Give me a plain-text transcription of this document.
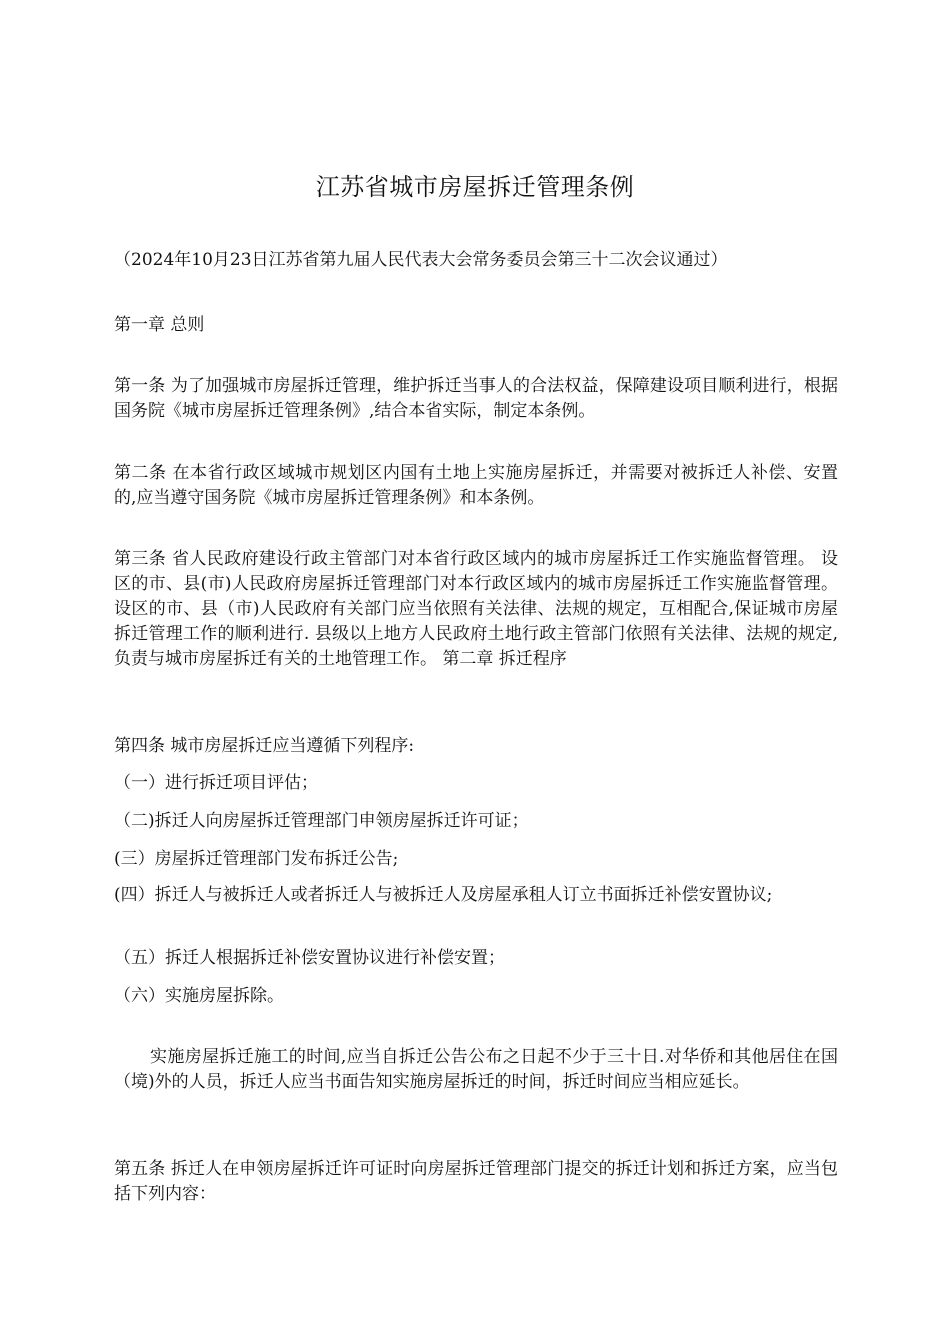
江苏省城市房屋拆迁管理条例
（2024年10月23日江苏省第九届人民代表大会常务委员会第三十二次会议通过）
第一章 总则
第一条 为了加强城市房屋拆迁管理，维护拆迁当事人的合法权益，保障建设项目顺利进行，根据国务院《城市房屋拆迁管理条例》,结合本省实际，制定本条例。
第二条 在本省行政区域城市规划区内国有土地上实施房屋拆迁，并需要对被拆迁人补偿、安置的,应当遵守国务院《城市房屋拆迁管理条例》和本条例。
第三条 省人民政府建设行政主管部门对本省行政区域内的城市房屋拆迁工作实施监督管理。 设区的市、县(市)人民政府房屋拆迁管理部门对本行政区域内的城市房屋拆迁工作实施监督管理。设区的市、县（市)人民政府有关部门应当依照有关法律、法规的规定，互相配合,保证城市房屋拆迁管理工作的顺利进行. 县级以上地方人民政府土地行政主管部门依照有关法律、法规的规定,负责与城市房屋拆迁有关的土地管理工作。 第二章 拆迁程序
第四条 城市房屋拆迁应当遵循下列程序:
（一）进行拆迁项目评估；
（二)拆迁人向房屋拆迁管理部门申领房屋拆迁许可证；
(三）房屋拆迁管理部门发布拆迁公告;
(四）拆迁人与被拆迁人或者拆迁人与被拆迁人及房屋承租人订立书面拆迁补偿安置协议;
（五）拆迁人根据拆迁补偿安置协议进行补偿安置；
（六）实施房屋拆除。
实施房屋拆迁施工的时间,应当自拆迁公告公布之日起不少于三十日.对华侨和其他居住在国（境)外的人员，拆迁人应当书面告知实施房屋拆迁的时间，拆迁时间应当相应延长。
第五条 拆迁人在申领房屋拆迁许可证时向房屋拆迁管理部门提交的拆迁计划和拆迁方案，应当包括下列内容：
